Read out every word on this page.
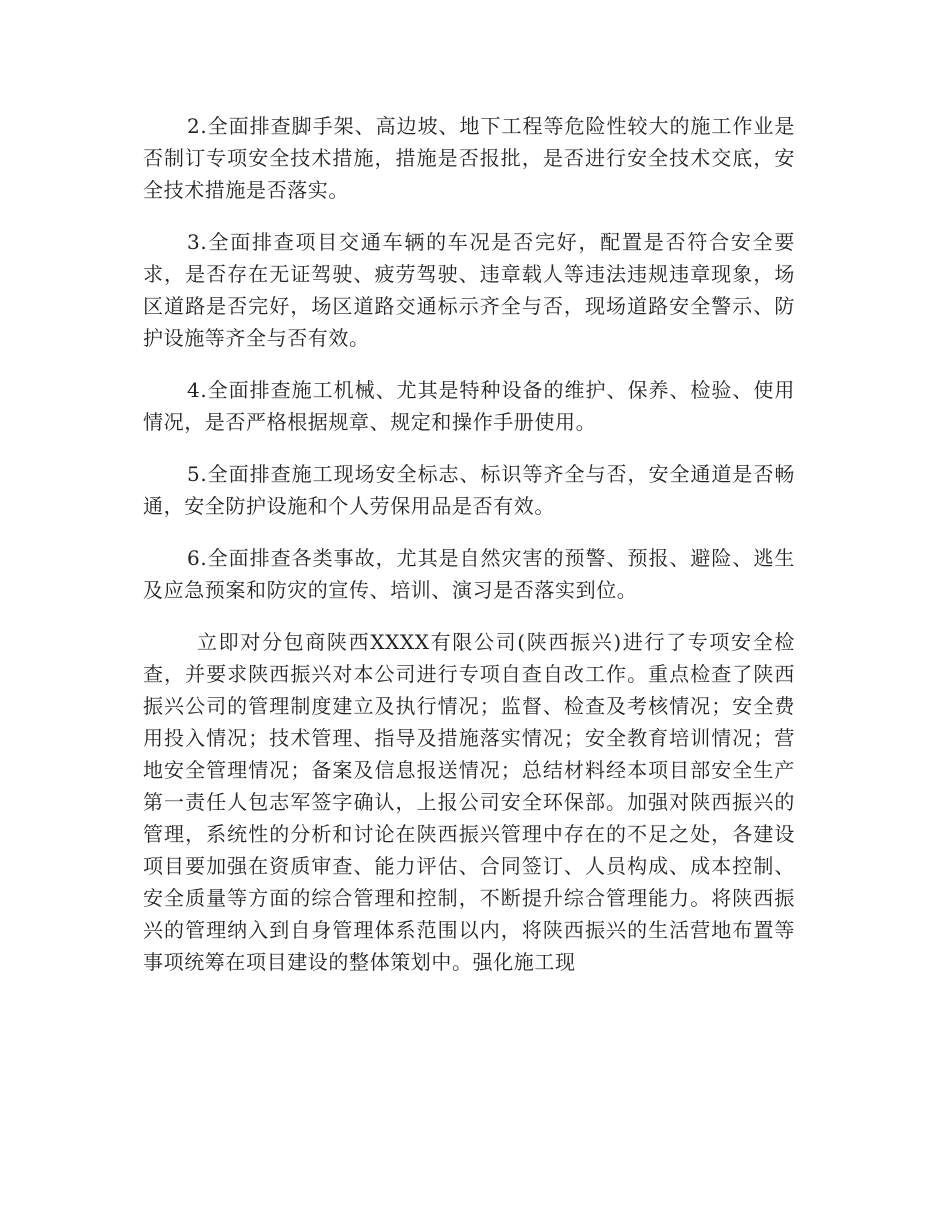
2.全面排查脚手架、高边坡、地下工程等危险性较大的施工作业是否制订专项安全技术措施，措施是否报批，是否进行安全技术交底，安全技术措施是否落实。

3.全面排查项目交通车辆的车况是否完好，配置是否符合安全要求，是否存在无证驾驶、疲劳驾驶、违章载人等违法违规违章现象，场区道路是否完好，场区道路交通标示齐全与否，现场道路安全警示、防护设施等齐全与否有效。

4.全面排查施工机械、尤其是特种设备的维护、保养、检验、使用情况，是否严格根据规章、规定和操作手册使用。

5.全面排查施工现场安全标志、标识等齐全与否，安全通道是否畅通，安全防护设施和个人劳保用品是否有效。

6.全面排查各类事故，尤其是自然灾害的预警、预报、避险、逃生及应急预案和防灾的宣传、培训、演习是否落实到位。

立即对分包商陕西XXXX有限公司(陕西振兴)进行了专项安全检查，并要求陕西振兴对本公司进行专项自查自改工作。重点检查了陕西振兴公司的管理制度建立及执行情况；监督、检查及考核情况；安全费用投入情况；技术管理、指导及措施落实情况；安全教育培训情况；营地安全管理情况；备案及信息报送情况；总结材料经本项目部安全生产第一责任人包志军签字确认，上报公司安全环保部。加强对陕西振兴的管理，系统性的分析和讨论在陕西振兴管理中存在的不足之处，各建设项目要加强在资质审查、能力评估、合同签订、人员构成、成本控制、安全质量等方面的综合管理和控制，不断提升综合管理能力。将陕西振兴的管理纳入到自身管理体系范围以内，将陕西振兴的生活营地布置等事项统筹在项目建设的整体策划中。强化施工现
